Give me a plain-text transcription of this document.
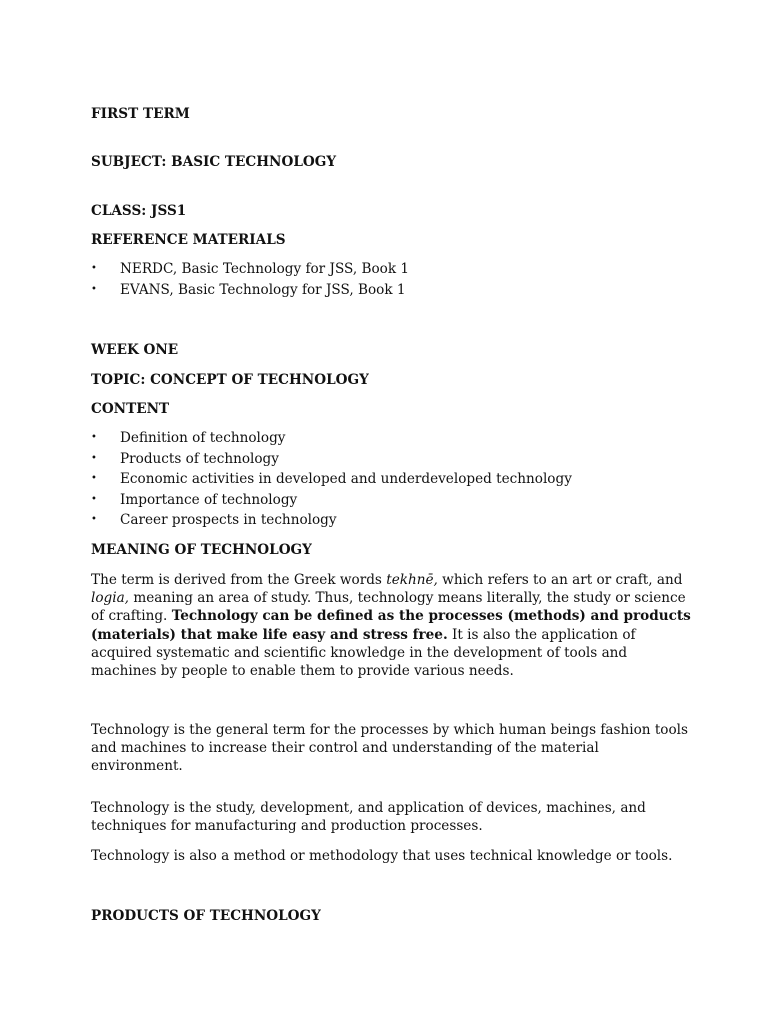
FIRST TERM
SUBJECT: BASIC TECHNOLOGY
CLASS: JSS1
REFERENCE MATERIALS
• NERDC, Basic Technology for JSS, Book 1
• EVANS, Basic Technology for JSS, Book 1
WEEK ONE
TOPIC: CONCEPT OF TECHNOLOGY
CONTENT
• Definition of technology
• Products of technology
• Economic activities in developed and underdeveloped technology
• Importance of technology
• Career prospects in technology
MEANING OF TECHNOLOGY

The term is derived from the Greek words tekhnē, which refers to an art or craft, and logia, meaning an area of study. Thus, technology means literally, the study or science of crafting. Technology can be defined as the processes (methods) and products (materials) that make life easy and stress free. It is also the application of acquired systematic and scientific knowledge in the development of tools and machines by people to enable them to provide various needs.

Technology is the general term for the processes by which human beings fashion tools and machines to increase their control and understanding of the material environment.

Technology is the study, development, and application of devices, machines, and techniques for manufacturing and production processes.

Technology is also a method or methodology that uses technical knowledge or tools.

PRODUCTS OF TECHNOLOGY
